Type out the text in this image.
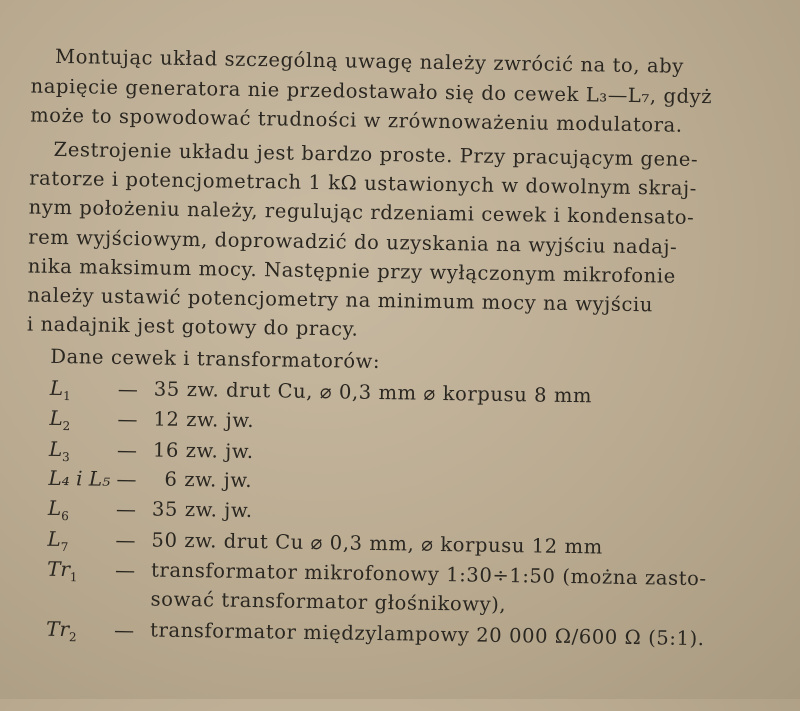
Montując układ szczególną uwagę należy zwrócić na to, aby
napięcie generatora nie przedostawało się do cewek L₃—L₇, gdyż
może to spowodować trudności w zrównoważeniu modulatora.
Zestrojenie układu jest bardzo proste. Przy pracującym gene-
ratorze i potencjometrach 1 kΩ ustawionych w dowolnym skraj-
nym położeniu należy, regulując rdzeniami cewek i kondensato-
rem wyjściowym, doprowadzić do uzyskania na wyjściu nadaj-
nika maksimum mocy. Następnie przy wyłączonym mikrofonie
należy ustawić potencjometry na minimum mocy na wyjściu
i nadajnik jest gotowy do pracy.
Dane cewek i transformatorów:
$L_1$ — 35 zw. drut Cu, ⌀ 0,3 mm ⌀ korpusu 8 mm
$L_2$ — 12 zw. jw.
$L_3$ — 16 zw. jw.
L₄ i L₅ — 6 zw. jw.
$L_6$ — 35 zw. jw.
$L_7$ — 50 zw. drut Cu ⌀ 0,3 mm, ⌀ korpusu 12 mm
$Tr_1$ — transformator mikrofonowy 1:30÷1:50 (można zasto-
sować transformator głośnikowy),
$Tr_2$ — transformator międzylampowy 20 000 Ω/600 Ω (5:1).
